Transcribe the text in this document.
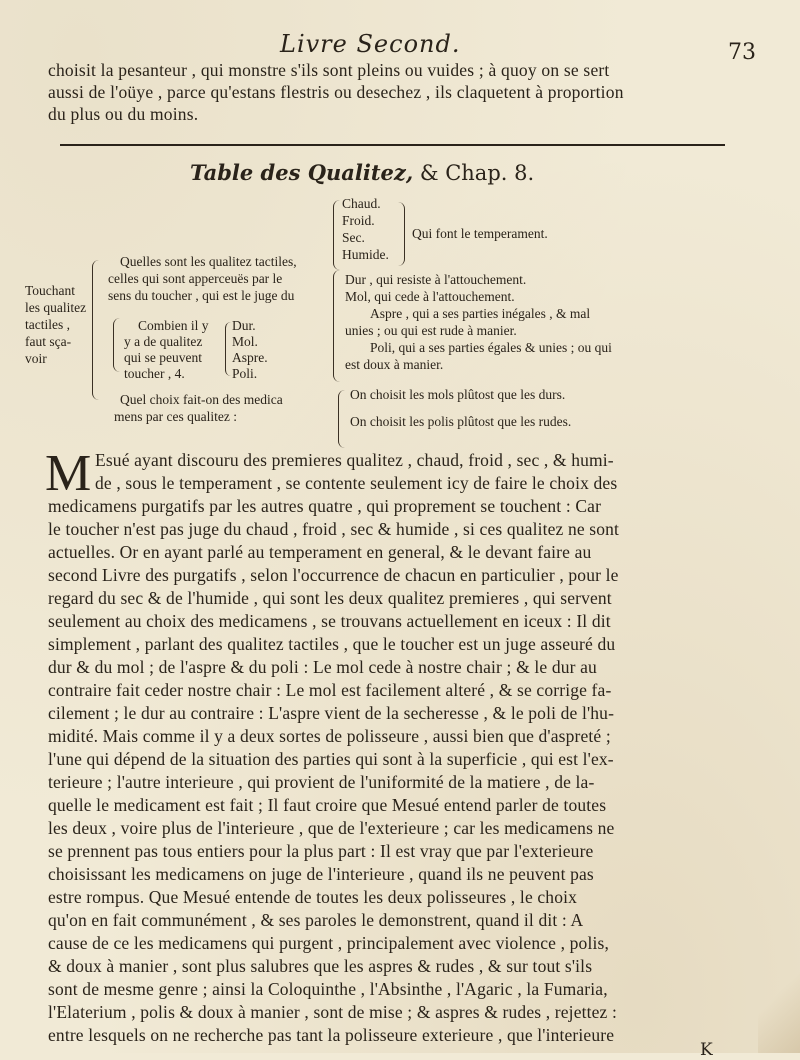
Livre Second.	73
choisit la pesanteur , qui monstre s'ils sont pleins ou vuides ; à quoy on se sert
aussi de l'oüye , parce qu'estans flestris ou desechez , ils claquetent à proportion
du plus ou du moins.
Table des Qualitez, & Chap. 8.
Touchant
les qualitez
tactiles ,
faut sça-
voir
Quelles sont les qualitez tactiles,
celles qui sont apperceuës par le
sens du toucher , qui est le juge du
Chaud.
Froid.
Sec.
Humide.
Qui font le temperament.
Dur , qui resiste à l'attouchement.
Mol, qui cede à l'attouchement.
Aspre , qui a ses parties inégales , & mal
unies ; ou qui est rude à manier.
Poli, qui a ses parties égales & unies ; ou qui
est doux à manier.
Combien il y
y a de qualitez
qui se peuvent
toucher , 4.
Dur.
Mol.
Aspre.
Poli.
Quel choix fait-on des medica
mens par ces qualitez :
On choisit les mols plûtost que les durs.
On choisit les polis plûtost que les rudes.
M Esué ayant discouru des premieres qualitez , chaud, froid , sec , & humi-
de , sous le temperament , se contente seulement icy de faire le choix des
medicamens purgatifs par les autres quatre , qui proprement se touchent : Car
le toucher n'est pas juge du chaud , froid , sec & humide , si ces qualitez ne sont
actuelles. Or en ayant parlé au temperament en general, & le devant faire au
second Livre des purgatifs , selon l'occurrence de chacun en particulier , pour le
regard du sec & de l'humide , qui sont les deux qualitez premieres , qui servent
seulement au choix des medicamens , se trouvans actuellement en iceux : Il dit
simplement , parlant des qualitez tactiles , que le toucher est un juge asseuré du
dur & du mol ; de l'aspre & du poli : Le mol cede à nostre chair ; & le dur au
contraire fait ceder nostre chair : Le mol est facilement alteré , & se corrige fa-
cilement ; le dur au contraire : L'aspre vient de la secheresse , & le poli de l'hu-
midité. Mais comme il y a deux sortes de polisseure , aussi bien que d'aspreté ;
l'une qui dépend de la situation des parties qui sont à la superficie , qui est l'ex-
terieure ; l'autre interieure , qui provient de l'uniformité de la matiere , de la-
quelle le medicament est fait ; Il faut croire que Mesué entend parler de toutes
les deux , voire plus de l'interieure , que de l'exterieure ; car les medicamens ne
se prennent pas tous entiers pour la plus part : Il est vray que par l'exterieure
choisissant les medicamens on juge de l'interieure , quand ils ne peuvent pas
estre rompus. Que Mesué entende de toutes les deux polisseures , le choix
qu'on en fait communément , & ses paroles le demonstrent, quand il dit : A
cause de ce les medicamens qui purgent , principalement avec violence , polis,
& doux à manier , sont plus salubres que les aspres & rudes , & sur tout s'ils
sont de mesme genre ; ainsi la Coloquinthe , l'Absinthe , l'Agaric , la Fumaria,
l'Elaterium , polis & doux à manier , sont de mise ; & aspres & rudes , rejettez :
entre lesquels on ne recherche pas tant la polisseure exterieure , que l'interieure
K
